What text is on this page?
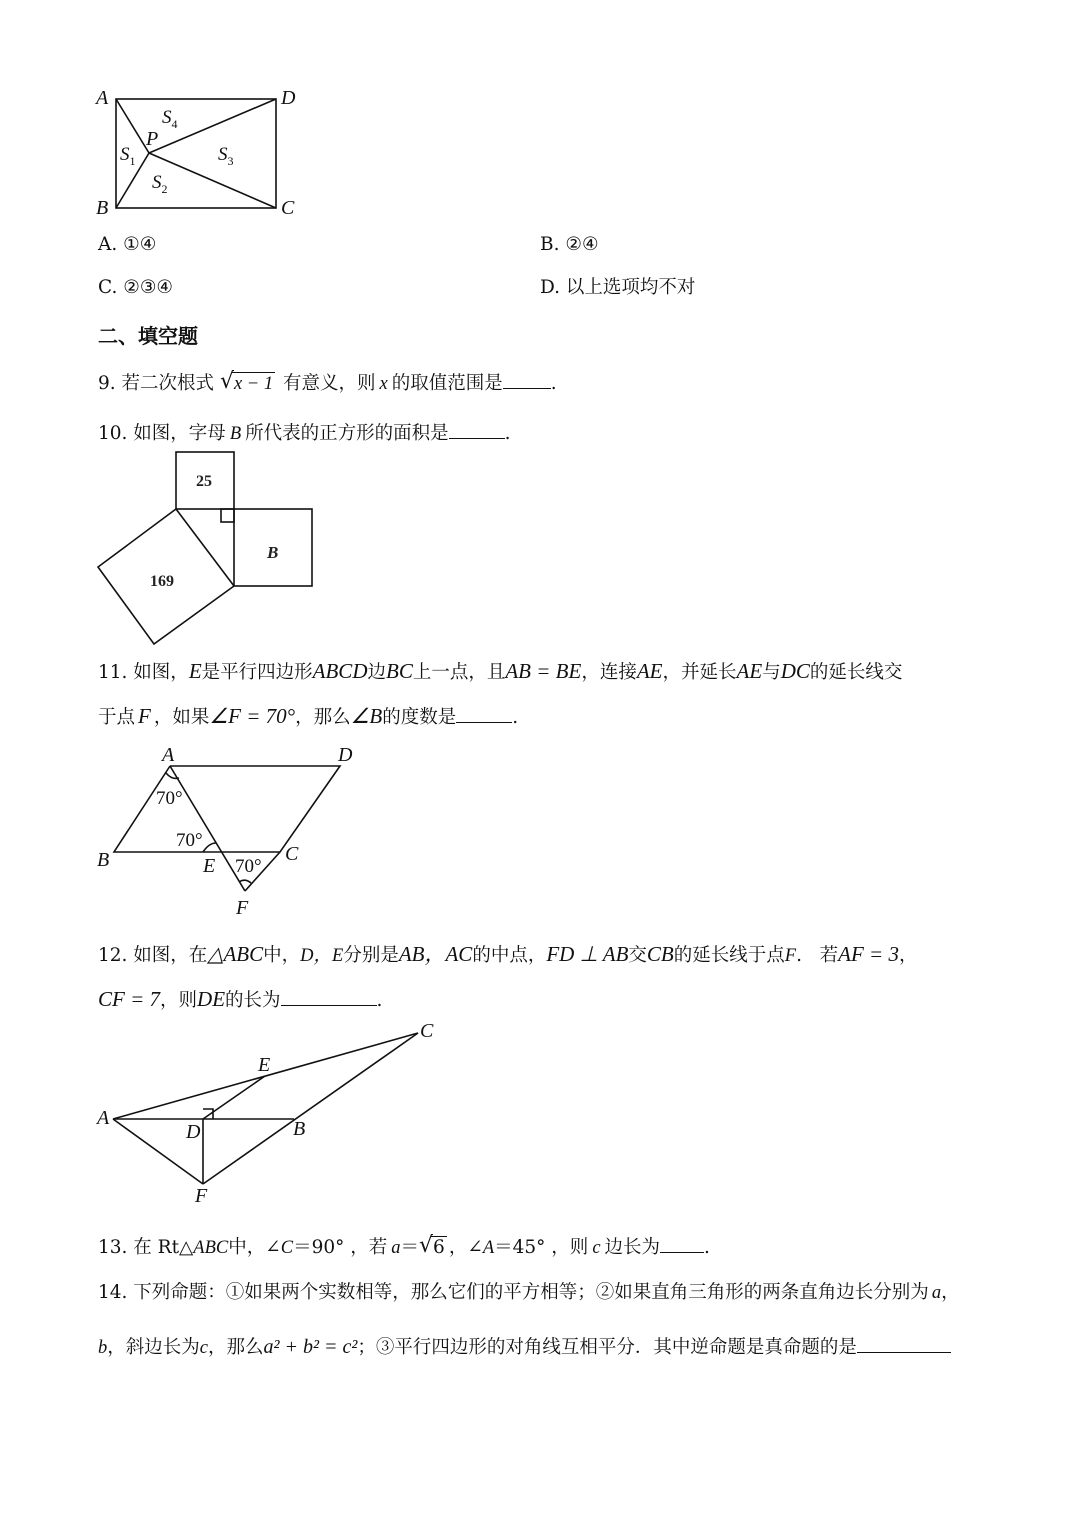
A	D
B	C
P
$S_4$
$S_1$	$S_3$
$S_2$
A. ①④	B. ②④
C. ②③④	D. 以上选项均不对
二、填空题
9. 若二次根式 √ x − 1 有意义，则 x 的取值范围是	.
10. 如图，字母 B 所代表的正方形的面积是	.
25
169
B
11. 如图，E是平行四边形ABCD边BC上一点，且AB = BE，连接AE，并延长AE与DC的延长线交
于点 F ，如果∠F = 70°，那么∠B的度数是	.
A	D
B	C
E
F
70°
70°
70°
12. 如图，在△ABC中，D，E分别是AB，AC的中点，FD ⊥ AB交CB的延长线于点F.   若AF = 3，
CF = 7，则DE的长为	.
A	B
C
D
E
F
13. 在 Rt△ABC中，∠C＝90° ，若 a＝ √ 6 ，∠A＝45° ，则 c 边长为 .
14. 下列命题：①如果两个实数相等，那么它们的平方相等；②如果直角三角形的两条直角边长分别为 a，
b，斜边长为c，那么a² + b² = c²；③平行四边形的对角线互相平分．其中逆命题是真命题的是
